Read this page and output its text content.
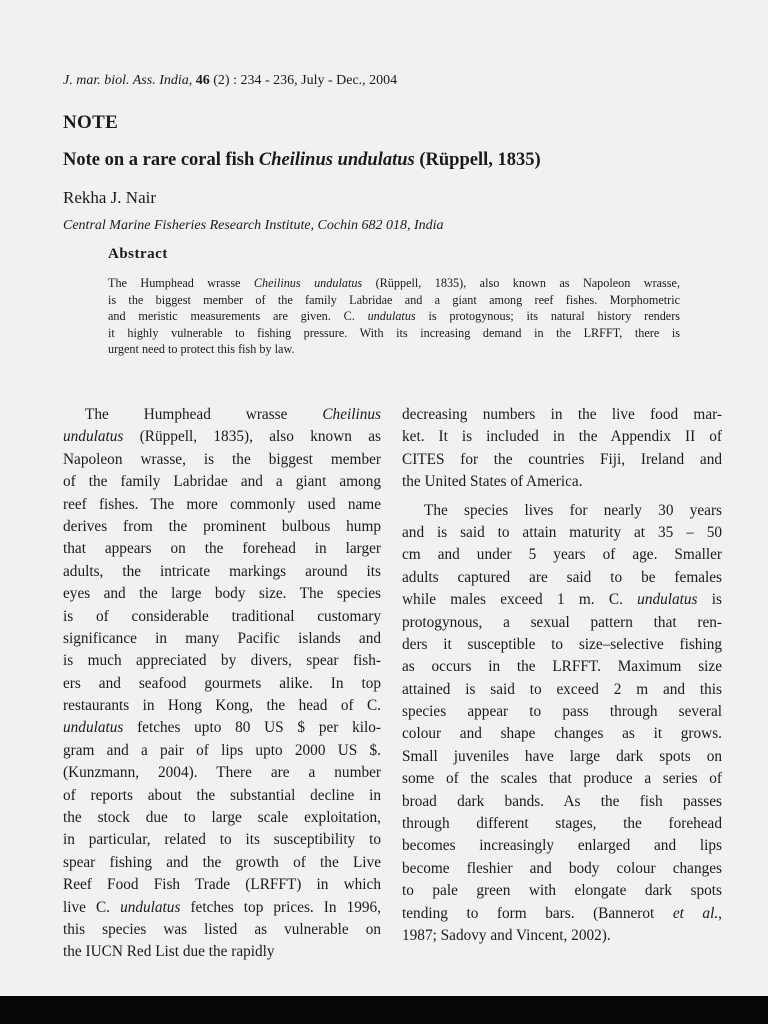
J. mar. biol. Ass. India, 46 (2) : 234 - 236, July - Dec., 2004
NOTE
Note on a rare coral fish Cheilinus undulatus (Rüppell, 1835)
Rekha J. Nair
Central Marine Fisheries Research Institute, Cochin 682 018, India
Abstract
The Humphead wrasse Cheilinus undulatus (Rüppell, 1835), also known as Napoleon wrasse,
is the biggest member of the family Labridae and a giant among reef fishes. Morphometric
and meristic measurements are given. C. undulatus is protogynous; its natural history renders
it highly vulnerable to fishing pressure. With its increasing demand in the LRFFT, there is
urgent need to protect this fish by law.
The Humphead wrasse Cheilinus
undulatus (Rüppell, 1835), also known as
Napoleon wrasse, is the biggest member
of the family Labridae and a giant among
reef fishes. The more commonly used name
derives from the prominent bulbous hump
that appears on the forehead in larger
adults, the intricate markings around its
eyes and the large body size. The species
is of considerable traditional customary
significance in many Pacific islands and
is much appreciated by divers, spear fish-
ers and seafood gourmets alike. In top
restaurants in Hong Kong, the head of C.
undulatus fetches upto 80 US $ per kilo-
gram and a pair of lips upto 2000 US $.
(Kunzmann, 2004). There are a number
of reports about the substantial decline in
the stock due to large scale exploitation,
in particular, related to its susceptibility to
spear fishing and the growth of the Live
Reef Food Fish Trade (LRFFT) in which
live C. undulatus fetches top prices. In 1996,
this species was listed as vulnerable on
the IUCN Red List due the rapidly
decreasing numbers in the live food mar-
ket. It is included in the Appendix II of
CITES for the countries Fiji, Ireland and
the United States of America.
The species lives for nearly 30 years
and is said to attain maturity at 35 – 50
cm and under 5 years of age. Smaller
adults captured are said to be females
while males exceed 1 m. C. undulatus is
protogynous, a sexual pattern that ren-
ders it susceptible to size–selective fishing
as occurs in the LRFFT. Maximum size
attained is said to exceed 2 m and this
species appear to pass through several
colour and shape changes as it grows.
Small juveniles have large dark spots on
some of the scales that produce a series of
broad dark bands. As the fish passes
through different stages, the forehead
becomes increasingly enlarged and lips
become fleshier and body colour changes
to pale green with elongate dark spots
tending to form bars. (Bannerot et al.,
1987; Sadovy and Vincent, 2002).
